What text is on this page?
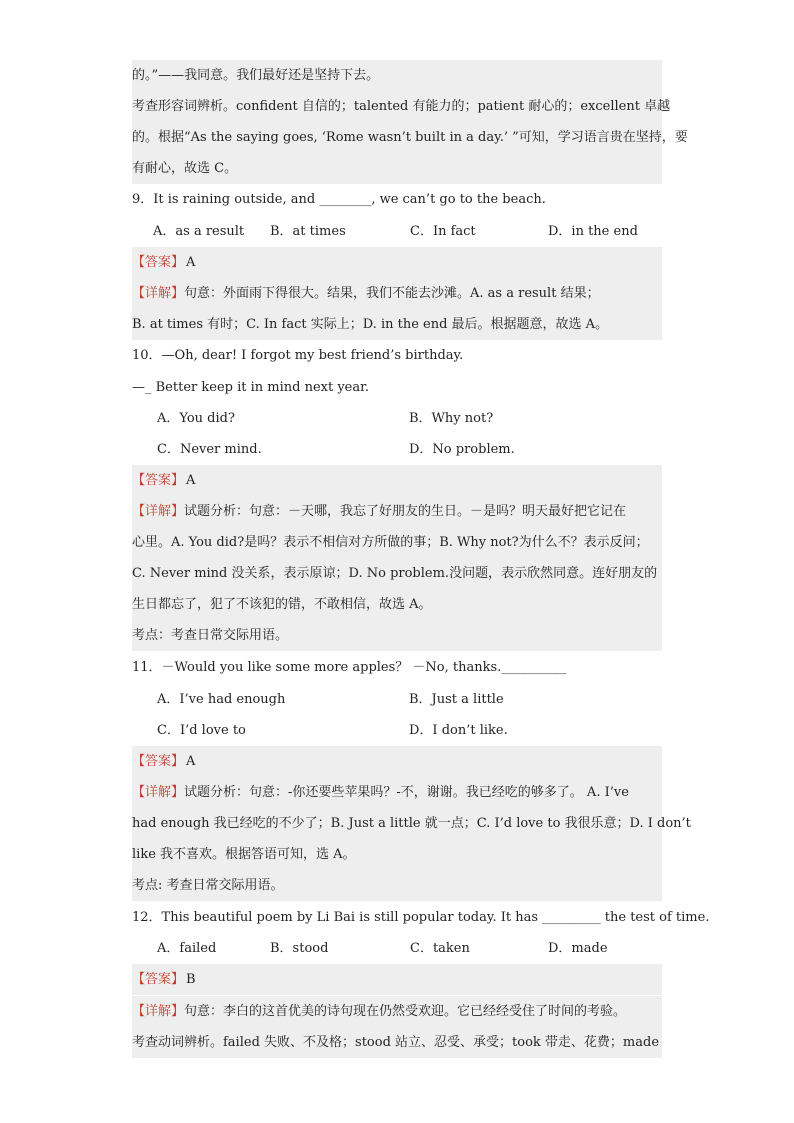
的。”——我同意。我们最好还是坚持下去。
考查形容词辨析。confident 自信的；talented 有能力的；patient 耐心的；excellent 卓越
的。根据“As the saying goes, ‘Rome wasn’t built in a day.’ ”可知，学习语言贵在坚持，要
有耐心，故选 C。
9．It is raining outside, and ________, we can’t go to the beach.
A．as a result B．at times	C．In fact	D．in the end
【答案】 A
【详解】句意：外面雨下得很大。结果，我们不能去沙滩。A. as a result 结果；
B. at times 有时；C. In fact 实际上；D. in the end 最后。根据题意，故选 A。
10．—Oh, dear! I forgot my best friend’s birthday.
—_ Better keep it in mind next year.
A．You did?	B．Why not?
C．Never mind.	D．No problem.
【答案】 A
【详解】试题分析：句意：－天哪，我忘了好朋友的生日。－是吗？明天最好把它记在
心里。A. You did?是吗？表示不相信对方所做的事；B. Why not?为什么不？表示反问；
C. Never mind 没关系，表示原谅；D. No problem.没问题，表示欣然同意。连好朋友的
生日都忘了，犯了不该犯的错，不敢相信，故选 A。
考点：考查日常交际用语。
11．－Would you like some more apples？ －No, thanks.__________
A．I’ve had enough	B．Just a little
C．I’d love to	D．I don’t like.
【答案】 A
【详解】试题分析：句意：-你还要些苹果吗？-不，谢谢。我已经吃的够多了。 A. I’ve
had enough 我已经吃的不少了；B. Just a little 就一点；C. I’d love to 我很乐意；D. I don’t
like 我不喜欢。根据答语可知，选 A。
考点: 考查日常交际用语。
12．This beautiful poem by Li Bai is still popular today. It has _________ the test of time.
A．failed	B．stood	C．taken	D．made
【答案】 B
【详解】句意：李白的这首优美的诗句现在仍然受欢迎。它已经经受住了时间的考验。
考查动词辨析。failed 失败、不及格；stood 站立、忍受、承受；took 带走、花费；made
